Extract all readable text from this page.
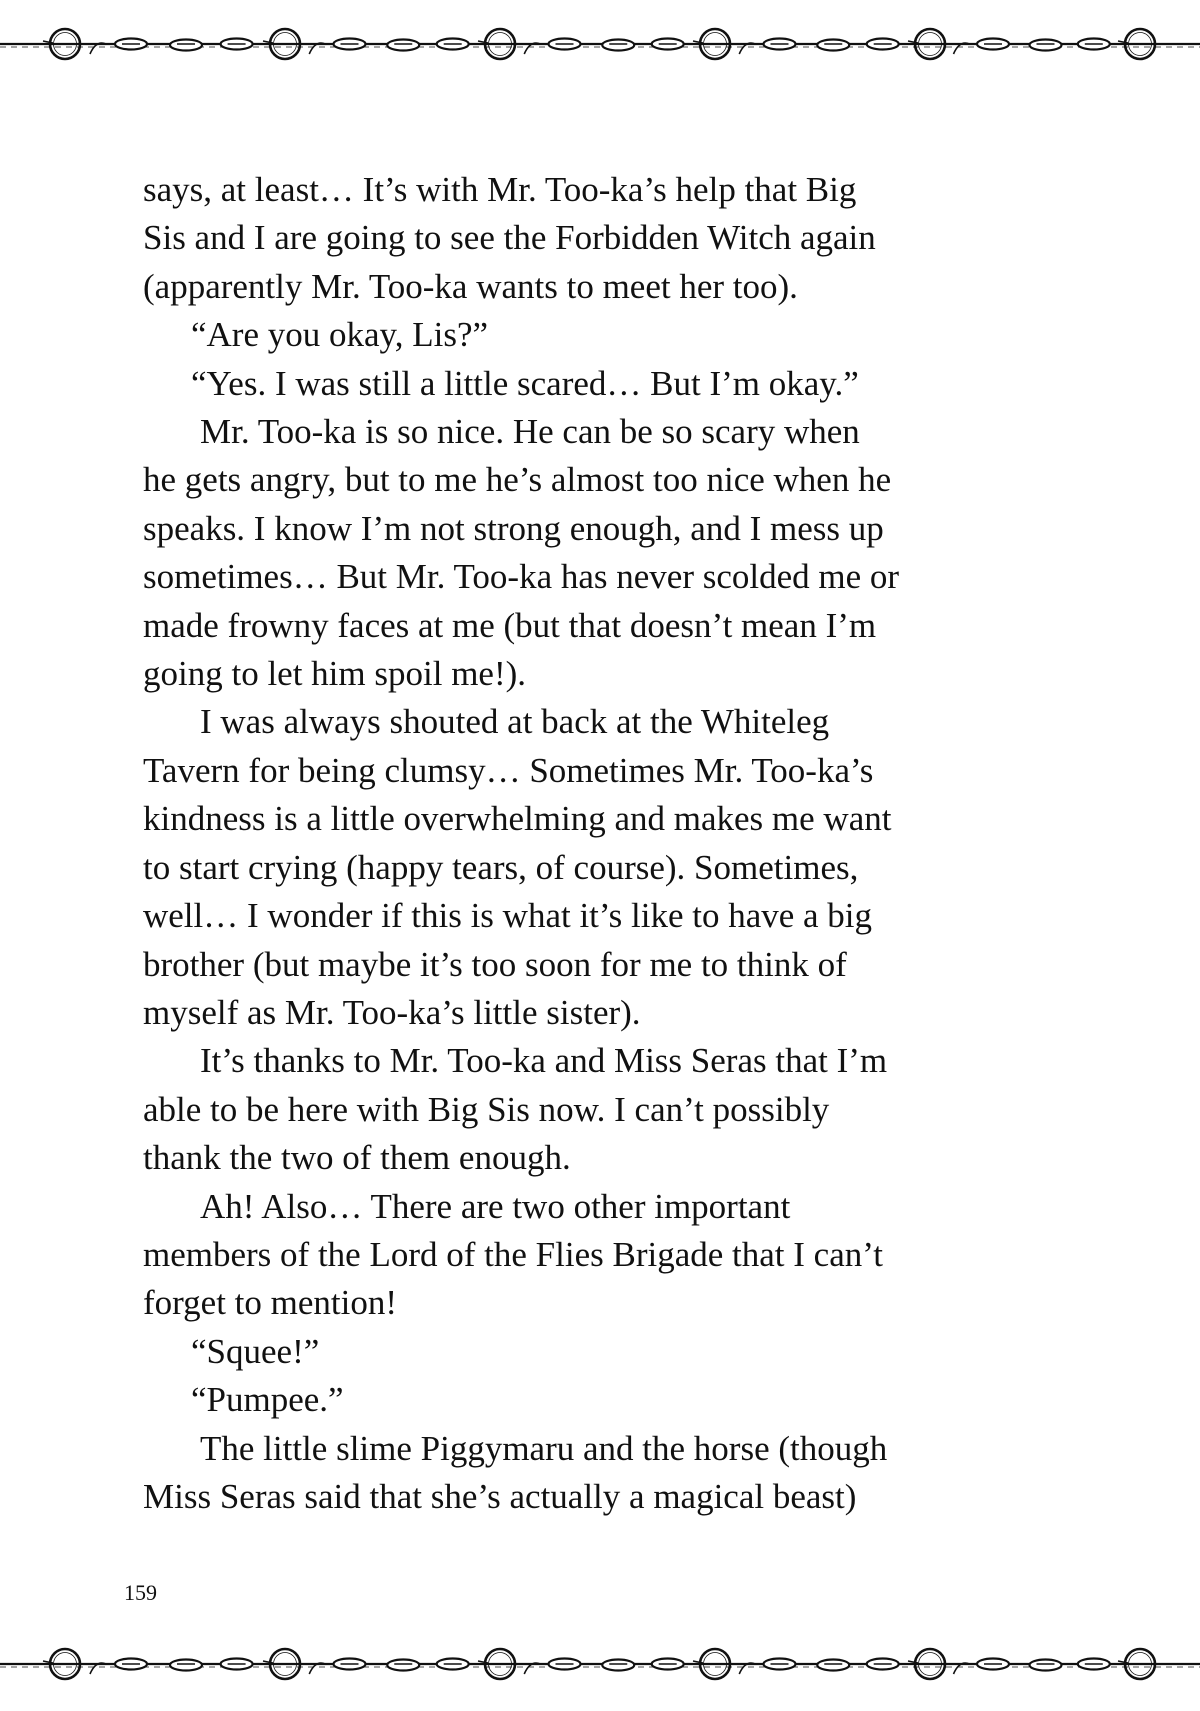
says, at least… It’s with Mr. Too-ka’s help that Big

Sis and I are going to see the Forbidden Witch again

(apparently Mr. Too-ka wants to meet her too).

“Are you okay, Lis?”

“Yes. I was still a little scared… But I’m okay.”

Mr. Too-ka is so nice. He can be so scary when

he gets angry, but to me he’s almost too nice when he

speaks. I know I’m not strong enough, and I mess up

sometimes… But Mr. Too-ka has never scolded me or

made frowny faces at me (but that doesn’t mean I’m

going to let him spoil me!).

I was always shouted at back at the Whiteleg

Tavern for being clumsy… Sometimes Mr. Too-ka’s

kindness is a little overwhelming and makes me want

to start crying (happy tears, of course). Sometimes,

well… I wonder if this is what it’s like to have a big

brother (but maybe it’s too soon for me to think of

myself as Mr. Too-ka’s little sister).

It’s thanks to Mr. Too-ka and Miss Seras that I’m

able to be here with Big Sis now. I can’t possibly

thank the two of them enough.

Ah! Also… There are two other important

members of the Lord of the Flies Brigade that I can’t

forget to mention!

“Squee!”

“Pumpee.”

The little slime Piggymaru and the horse (though

Miss Seras said that she’s actually a magical beast)

159
